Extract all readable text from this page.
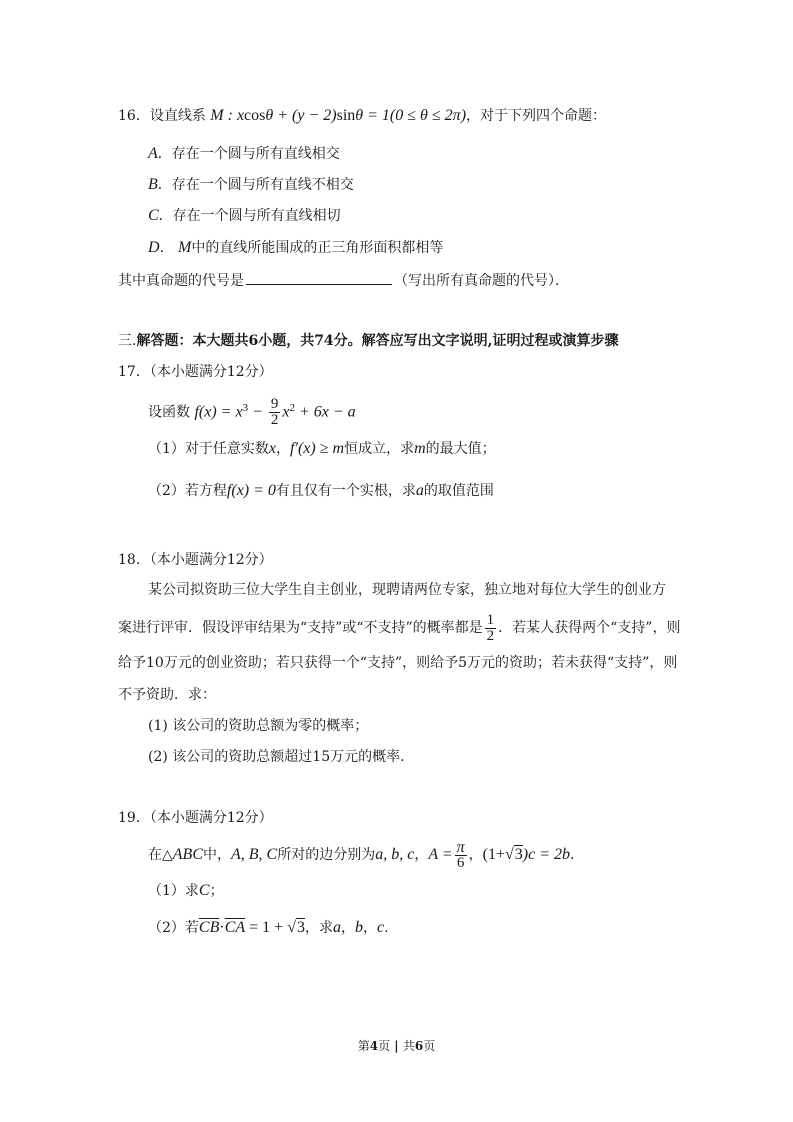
16．设直线系 M : xcosθ + (y − 2)sinθ = 1(0 ≤ θ ≤ 2π)，对于下列四个命题：
A．存在一个圆与所有直线相交
B．存在一个圆与所有直线不相交
C．存在一个圆与所有直线相切
D． M中的直线所能围成的正三角形面积都相等
其中真命题的代号是	（写出所有真命题的代号）．
三.解答题：本大题共6小题，共74分。解答应写出文字说明,证明过程或演算步骤
17．（本小题满分12分）
设函数 $f(x) = x^3 - \frac{9}{2} x^2 + 6x - a$
（1）对于任意实数x，f′(x) ≥ m恒成立，求m的最大值；
（2）若方程f(x) = 0有且仅有一个实根，求a的取值范围
18．（本小题满分12分）
某公司拟资助三位大学生自主创业，现聘请两位专家，独立地对每位大学生的创业方
案进行评审．假设评审结果为“支持”或“不支持”的概率都是 $\frac{1}{2}$ ．若某人获得两个“支持”，则
给予10万元的创业资助；若只获得一个“支持”，则给予5万元的资助；若未获得“支持”，则
不予资助．求：
(1) 该公司的资助总额为零的概率；
(2) 该公司的资助总额超过15万元的概率.
19．（本小题满分12分）
在△ABC中，A, B, C所对的边分别为a, b, c，$A = \frac{\pi}{6}$ ，(1+√3)c = 2b.
（1）求C；
（2）若$\overline{CB}\cdot\overline{CA} = 1 + √3$，求a，b，c.
第4页 | 共6页
